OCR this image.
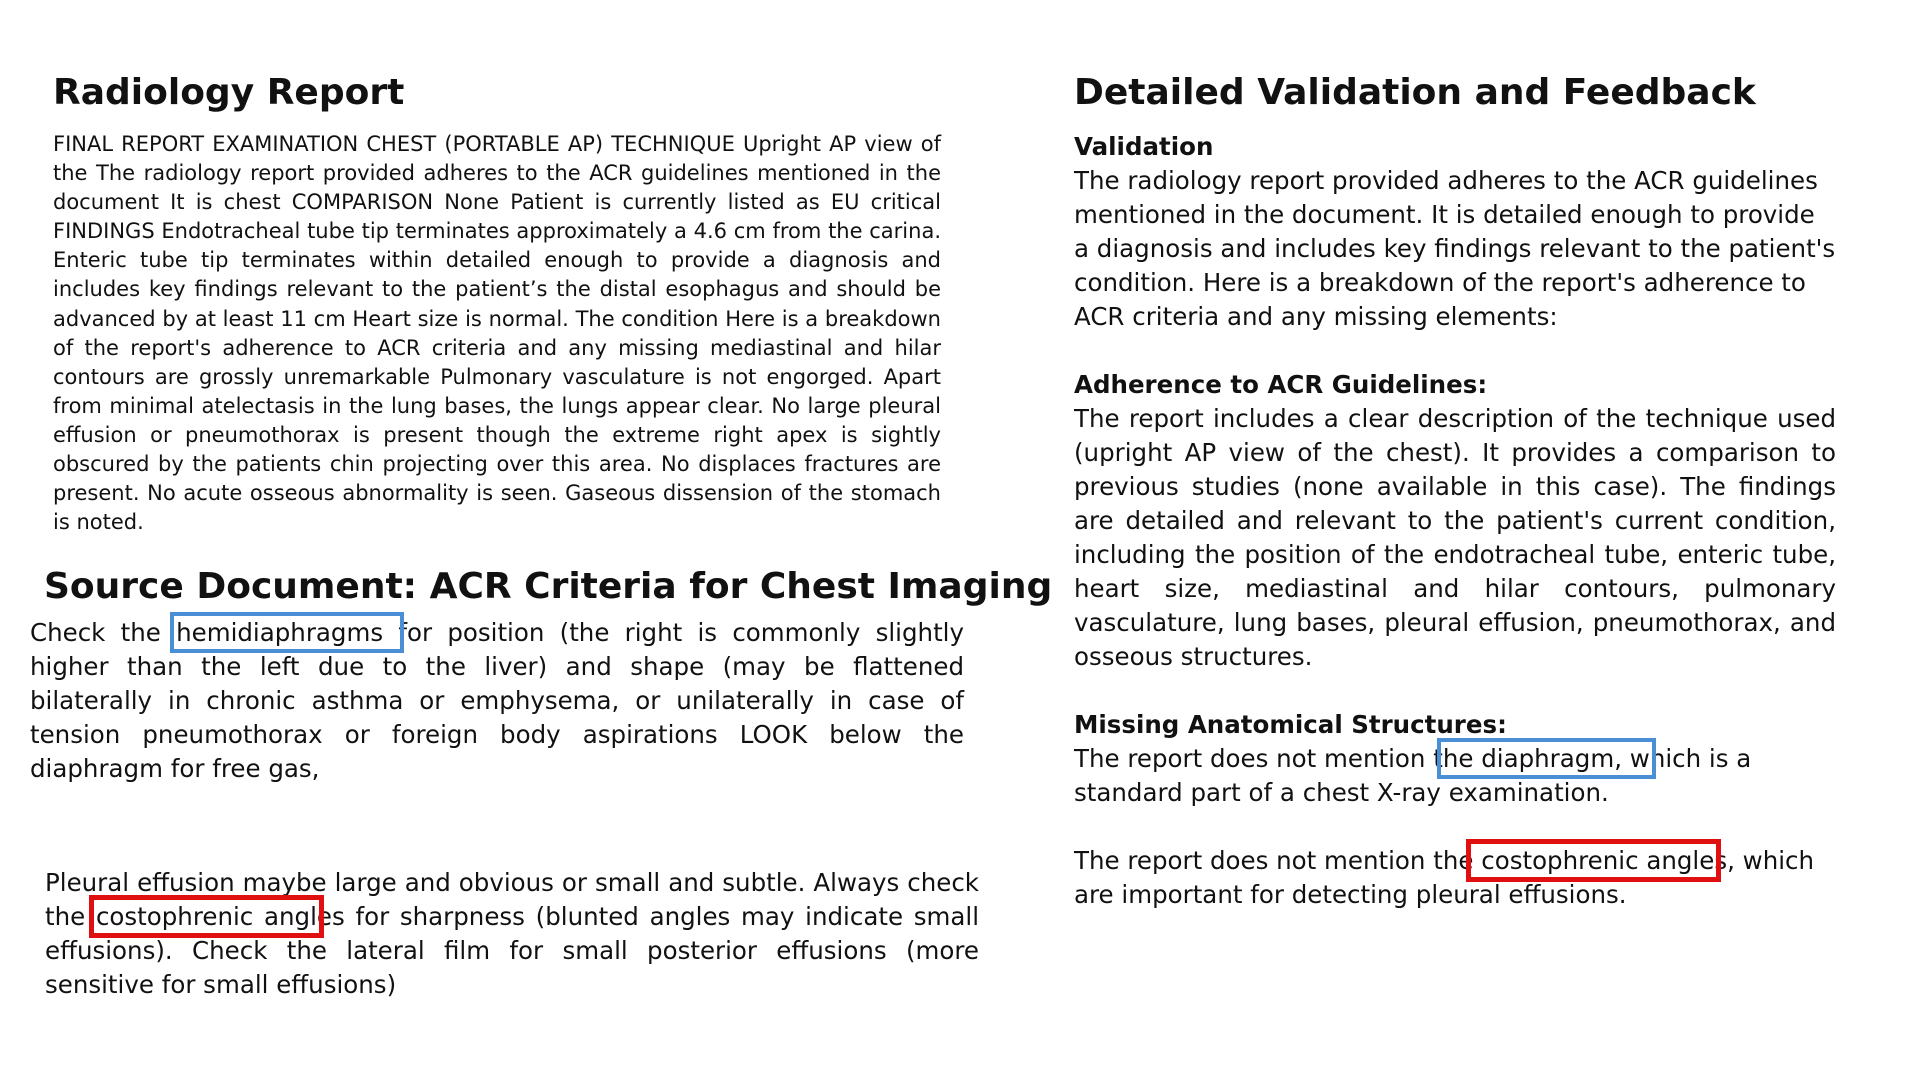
Radiology Report
FINAL REPORT EXAMINATION CHEST (PORTABLE AP) TECHNIQUE Upright AP view of the The radiology report provided adheres to the ACR guidelines mentioned in the document It is chest COMPARISON None Patient is currently listed as EU critical FINDINGS Endotracheal tube tip terminates approximately a 4.6 cm from the carina. Enteric tube tip terminates within detailed enough to provide a diagnosis and includes key findings relevant to the patient’s the distal esophagus and should be advanced by at least 11 cm Heart size is normal. The condition Here is a breakdown of the report's adherence to ACR criteria and any missing mediastinal and hilar contours are grossly unremarkable Pulmonary vasculature is not engorged. Apart from minimal atelectasis in the lung bases, the lungs appear clear. No large pleural effusion or pneumothorax is present though the extreme right apex is sightly obscured by the patients chin projecting over this area. No displaces fractures are present. No acute osseous abnormality is seen. Gaseous dissension of the stomach is noted.
Source Document: ACR Criteria for Chest Imaging
Check the hemidiaphragms for position (the right is commonly slightly higher than the left due to the liver) and shape (may be flattened bilaterally in chronic asthma or emphysema, or unilaterally in case of tension pneumothorax or foreign body aspirations LOOK below the diaphragm for free gas,
Pleural effusion maybe large and obvious or small and subtle. Always check the costophrenic angles for sharpness (blunted angles may indicate small effusions). Check the lateral film for small posterior effusions (more sensitive for small effusions)
Detailed Validation and Feedback
Validation
The radiology report provided adheres to the ACR guidelines mentioned in the document. It is detailed enough to provide a diagnosis and includes key findings relevant to the patient's condition. Here is a breakdown of the report's adherence to ACR criteria and any missing elements:
Adherence to ACR Guidelines:
The report includes a clear description of the technique used (upright AP view of the chest). It provides a comparison to previous studies (none available in this case). The findings are detailed and relevant to the patient's current condition, including the position of the endotracheal tube, enteric tube, heart size, mediastinal and hilar contours, pulmonary vasculature, lung bases, pleural effusion, pneumothorax, and osseous structures.
Missing Anatomical Structures:
The report does not mention the diaphragm, which is a standard part of a chest X-ray examination.
The report does not mention the costophrenic angles, which are important for detecting pleural effusions.
